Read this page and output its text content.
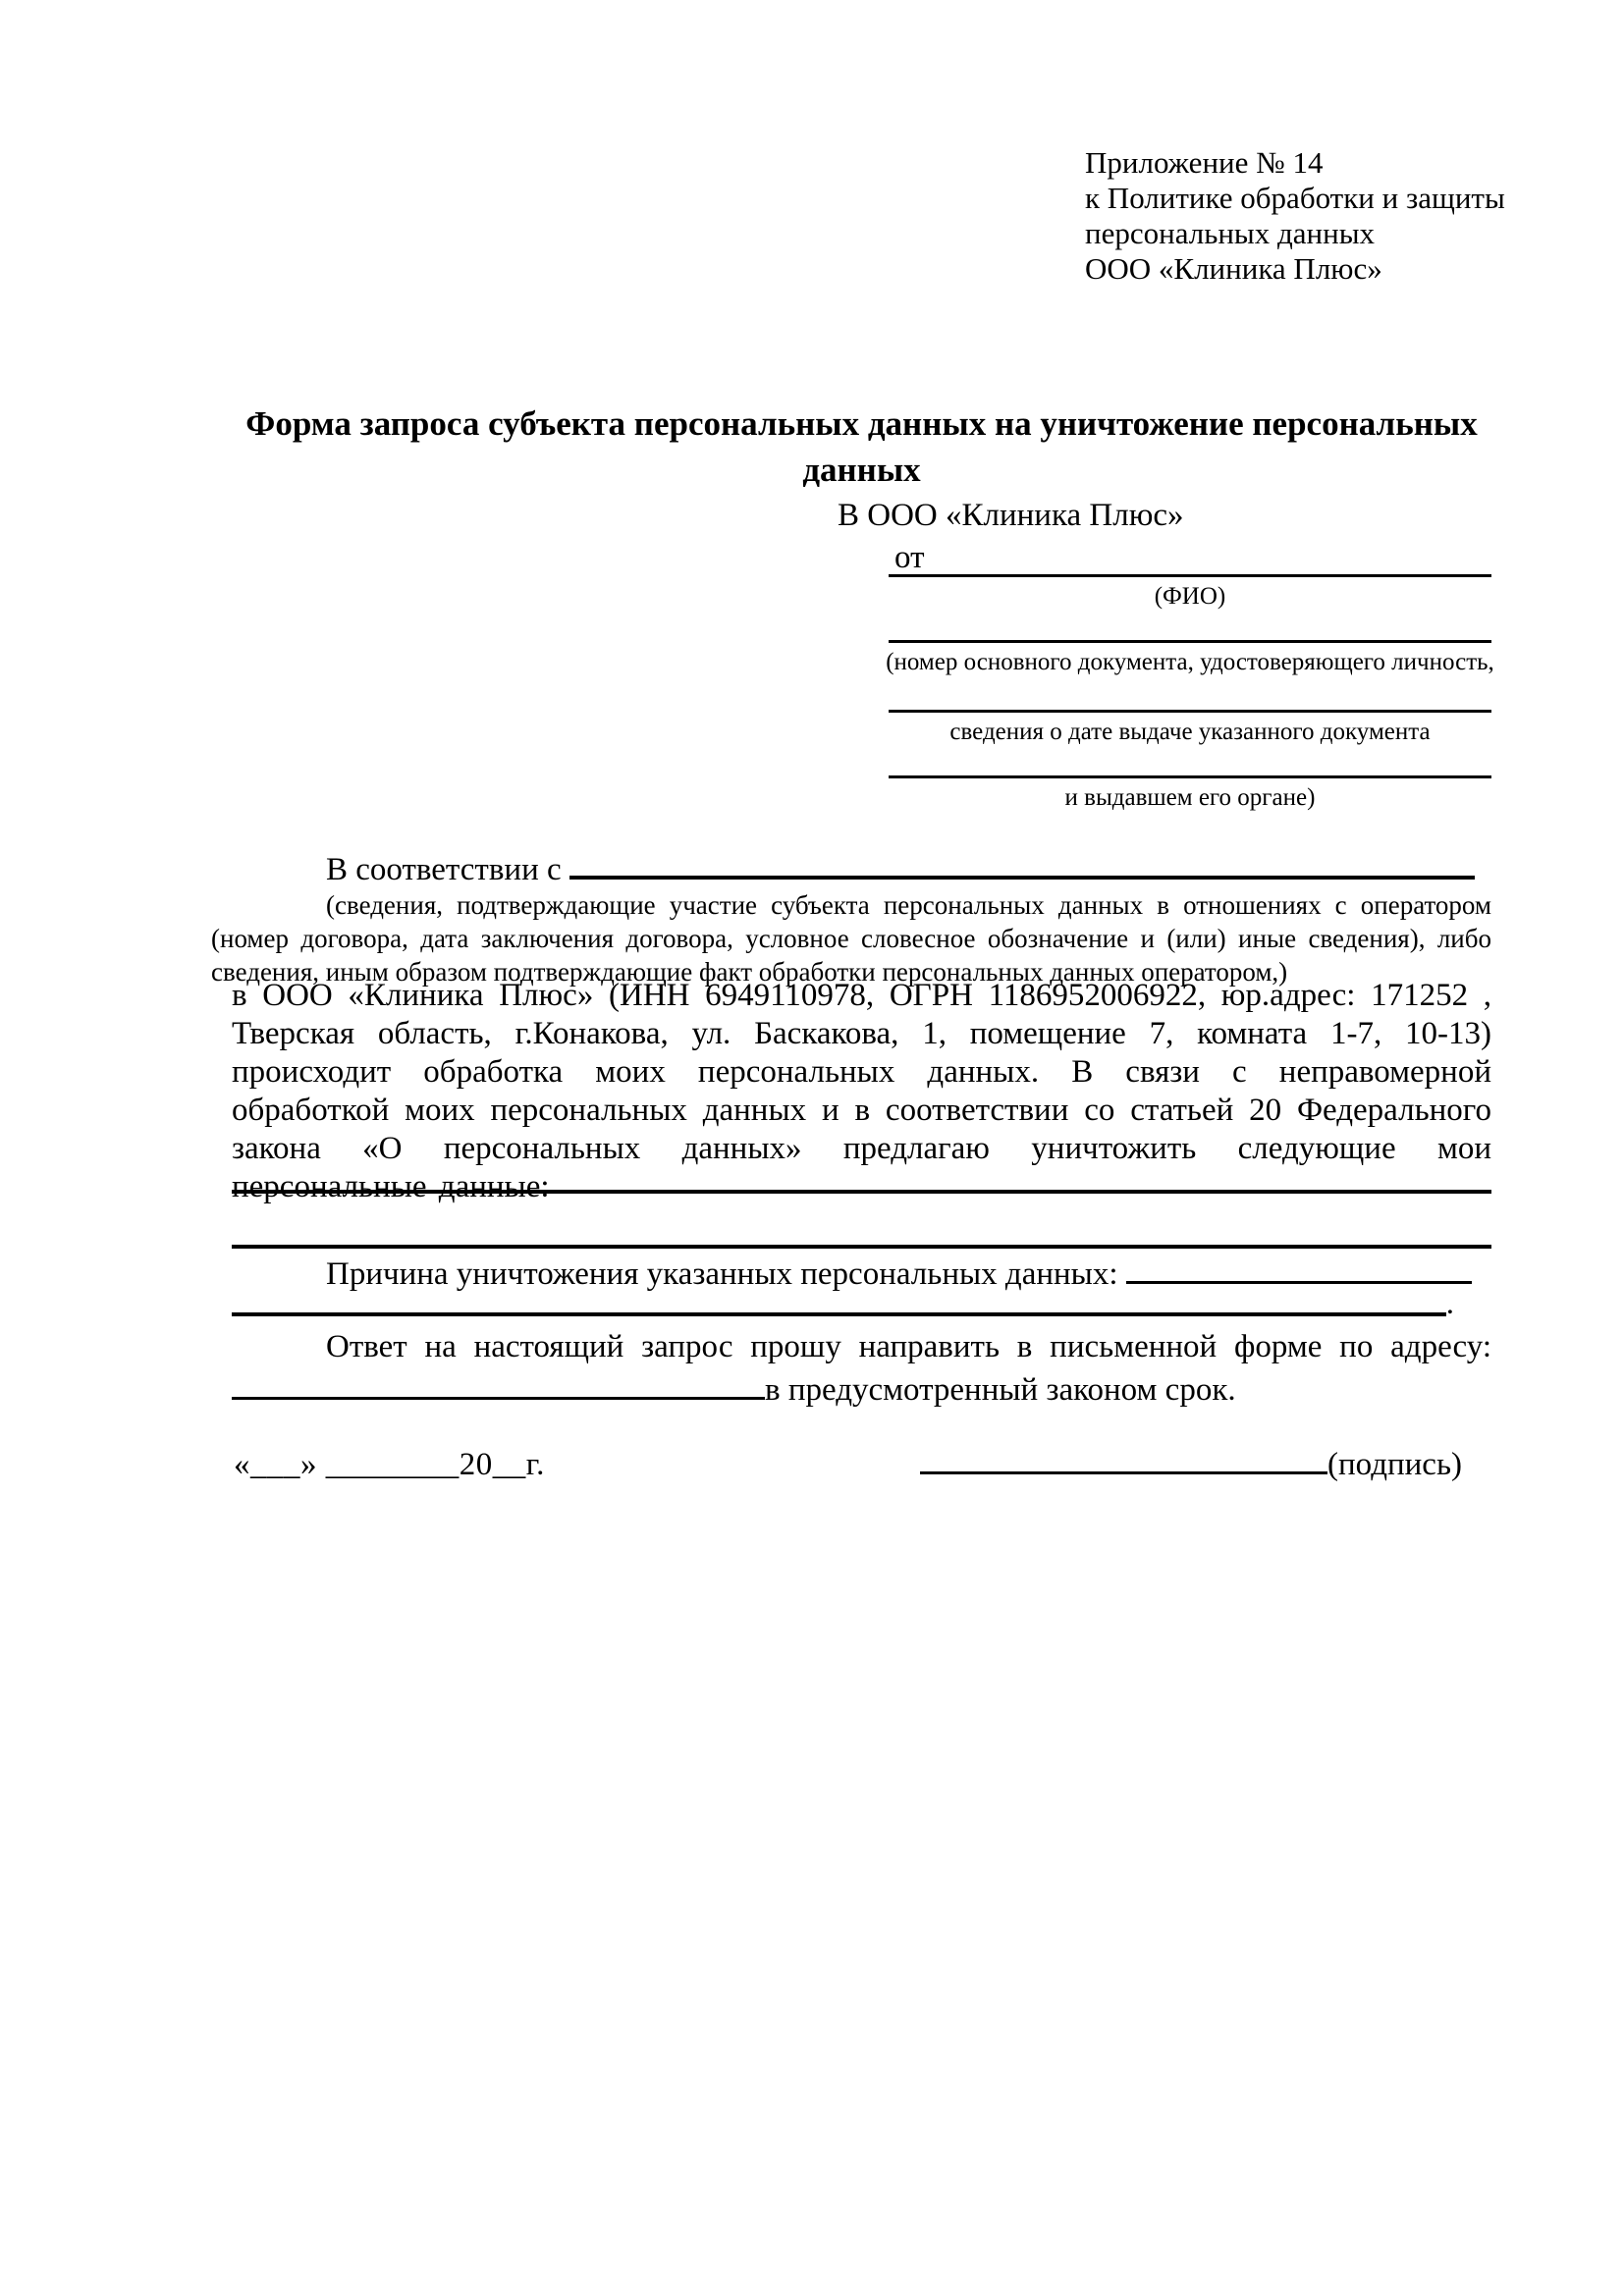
Приложение № 14
к Политике обработки и защиты
персональных данных
ООО «Клиника Плюс»
Форма запроса субъекта персональных данных на уничтожение персональных данных
В ООО «Клиника Плюс»
от
(ФИО)
(номер основного документа, удостоверяющего личность,
сведения о дате выдаче указанного документа
и выдавшем его органе)
В соответствии с
(сведения, подтверждающие участие субъекта персональных данных в отношениях с оператором (номер договора, дата заключения договора, условное словесное обозначение и (или) иные сведения), либо сведения, иным образом подтверждающие факт обработки персональных данных оператором,)

в ООО «Клиника Плюс» (ИНН 6949110978, ОГРН 1186952006922, юр.адрес: 171252 , Тверская область, г.Конакова, ул. Баскакова, 1, помещение 7, комната 1-7, 10-13) происходит обработка моих персональных данных. В связи с неправомерной обработкой моих персональных данных и в соответствии со статьей 20 Федерального закона «О персональных данных» предлагаю уничтожить следующие мои персональные данные:

Причина уничтожения указанных персональных данных:
.
Ответ на настоящий запрос прошу направить в письменной форме по адресу:
в предусмотренный законом срок.
«___» ________20__г.	(подпись)
